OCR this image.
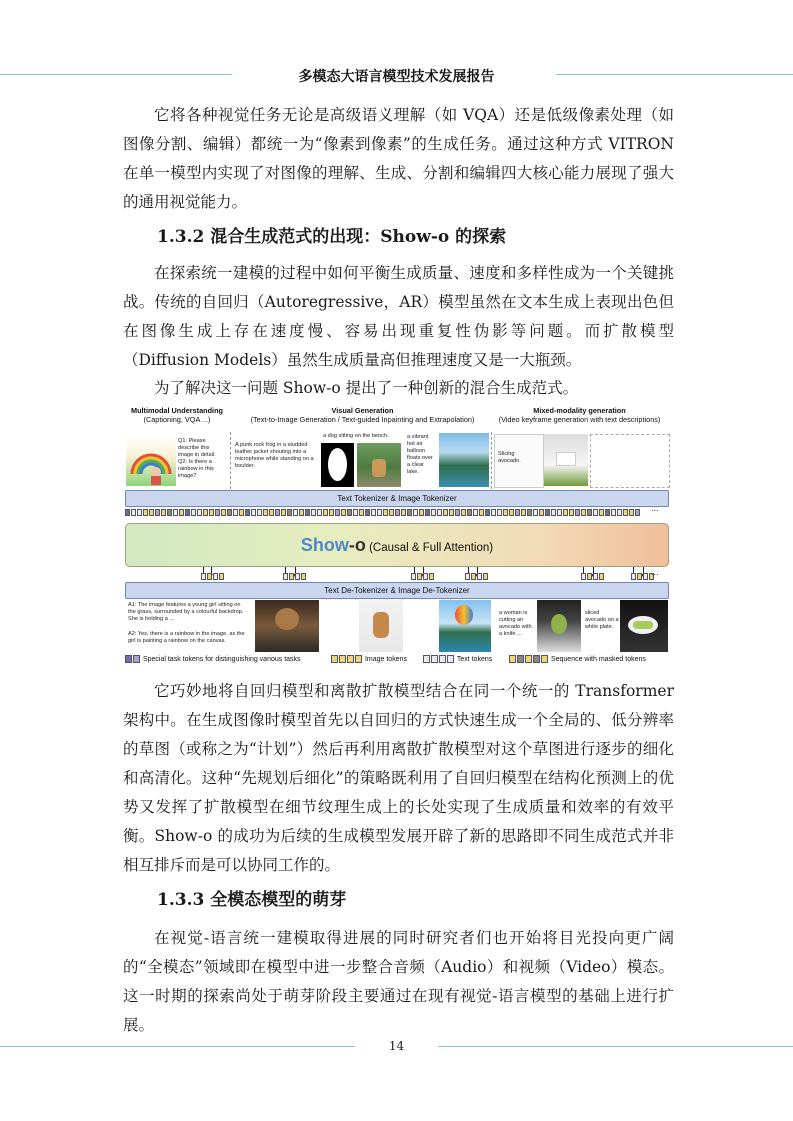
多模态大语言模型技术发展报告

它将各种视觉任务无论是高级语义理解（如 VQA）还是低级像素处理（如图像分割、编辑）都统一为“像素到像素”的生成任务。通过这种方式 VITRON 在单一模型内实现了对图像的理解、生成、分割和编辑四大核心能力展现了强大的通用视觉能力。

1.3.2 混合生成范式的出现：Show-o 的探索

在探索统一建模的过程中如何平衡生成质量、速度和多样性成为一个关键挑战。传统的自回归（Autoregressive，AR）模型虽然在文本生成上表现出色但在图像生成上存在速度慢、容易出现重复性伪影等问题。而扩散模型（Diffusion Models）虽然生成质量高但推理速度又是一大瓶颈。

为了解决这一问题 Show-o 提出了一种创新的混合生成范式。

Multimodal Understanding
(Captioning, VQA ...)
Visual Generation
(Text-to-Image Generation / Text-guided Inpainting and Extrapolation)
Mixed-modality generation
(Video keyframe generation with text descriptions)
Q1: Please describe this image in detail. Q2: Is there a rainbow in this image?
A punk rock frog in a studded leather jacket shouting into a microphone while standing on a boulder.
a dog sitting on the bench.	a vibrant hot air balloon floats over a clear lake.
Slicing avocado.
Text Tokenizer & Image Tokenizer
...
Show-o (Causal & Full Attention)
...
Text De-Tokenizer & Image De-Tokenizer
A1: The image features a young girl sitting on the grass, surrounded by a colourful backdrop. She is holding a ...
A2: Yes, there is a rainbow in the image, as the girl is painting a rainbow on the canvas.
a woman is cutting an avocado with a knife ...
sliced avocado on a white plate.
Special task tokens for distinguishing various tasks	Image tokens	Text tokens	Sequence with masked tokens

它巧妙地将自回归模型和离散扩散模型结合在同一个统一的 Transformer 架构中。在生成图像时模型首先以自回归的方式快速生成一个全局的、低分辨率的草图（或称之为“计划”）然后再利用离散扩散模型对这个草图进行逐步的细化和高清化。这种“先规划后细化”的策略既利用了自回归模型在结构化预测上的优势又发挥了扩散模型在细节纹理生成上的长处实现了生成质量和效率的有效平衡。Show-o 的成功为后续的生成模型发展开辟了新的思路即不同生成范式并非相互排斥而是可以协同工作的。

1.3.3 全模态模型的萌芽

在视觉-语言统一建模取得进展的同时研究者们也开始将目光投向更广阔的“全模态”领域即在模型中进一步整合音频（Audio）和视频（Video）模态。这一时期的探索尚处于萌芽阶段主要通过在现有视觉-语言模型的基础上进行扩展。

14
